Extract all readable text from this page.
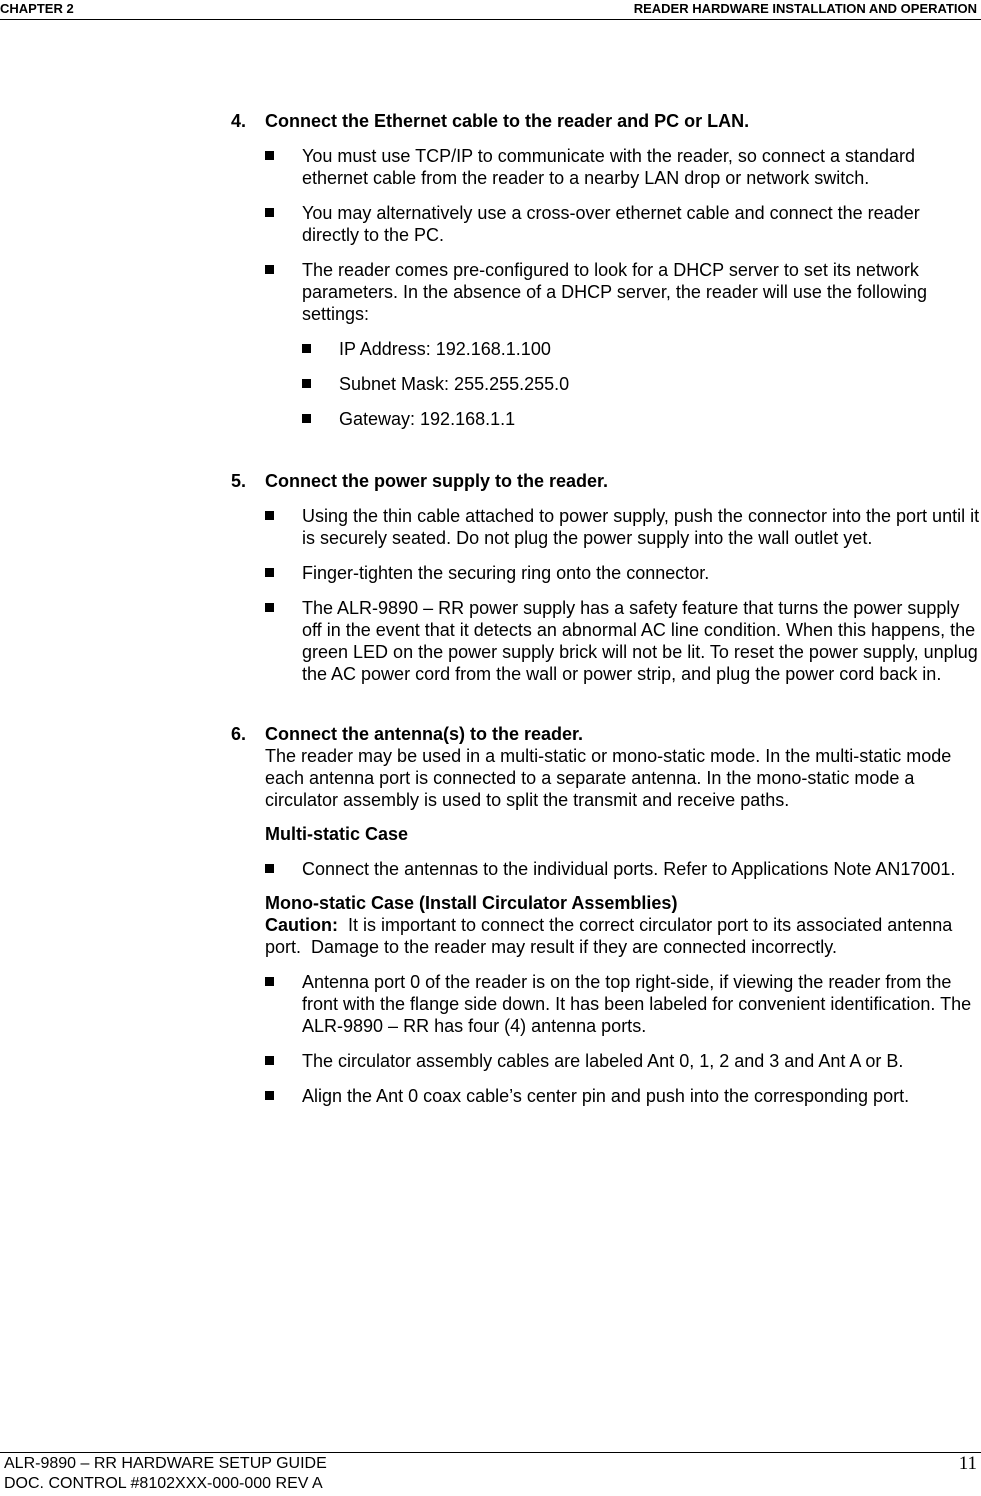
CHAPTER 2	READER HARDWARE INSTALLATION AND OPERATION
4. Connect the Ethernet cable to the reader and PC or LAN.
You must use TCP/IP to communicate with the reader, so connect a standard ethernet cable from the reader to a nearby LAN drop or network switch.
You may alternatively use a cross-over ethernet cable and connect the reader directly to the PC.
The reader comes pre-configured to look for a DHCP server to set its network parameters. In the absence of a DHCP server, the reader will use the following settings:
IP Address: 192.168.1.100
Subnet Mask: 255.255.255.0
Gateway: 192.168.1.1
5. Connect the power supply to the reader.
Using the thin cable attached to power supply, push the connector into the port until it is securely seated. Do not plug the power supply into the wall outlet yet.
Finger-tighten the securing ring onto the connector.
The ALR-9890 – RR power supply has a safety feature that turns the power supply off in the event that it detects an abnormal AC line condition. When this happens, the green LED on the power supply brick will not be lit. To reset the power supply, unplug the AC power cord from the wall or power strip, and plug the power cord back in.
6. Connect the antenna(s) to the reader.
The reader may be used in a multi-static or mono-static mode. In the multi-static mode each antenna port is connected to a separate antenna. In the mono-static mode a circulator assembly is used to split the transmit and receive paths.
Multi-static Case
Connect the antennas to the individual ports. Refer to Applications Note AN17001.
Mono-static Case (Install Circulator Assemblies)
Caution:  It is important to connect the correct circulator port to its associated antenna port.  Damage to the reader may result if they are connected incorrectly.
Antenna port 0 of the reader is on the top right-side, if viewing the reader from the front with the flange side down. It has been labeled for convenient identification. The ALR-9890 – RR has four (4) antenna ports.
The circulator assembly cables are labeled Ant 0, 1, 2 and 3 and Ant A or B.
Align the Ant 0 coax cable’s center pin and push into the corresponding port.
ALR-9890 – RR HARDWARE SETUP GUIDE
DOC. CONTROL #8102XXX-000-000 REV A
11
